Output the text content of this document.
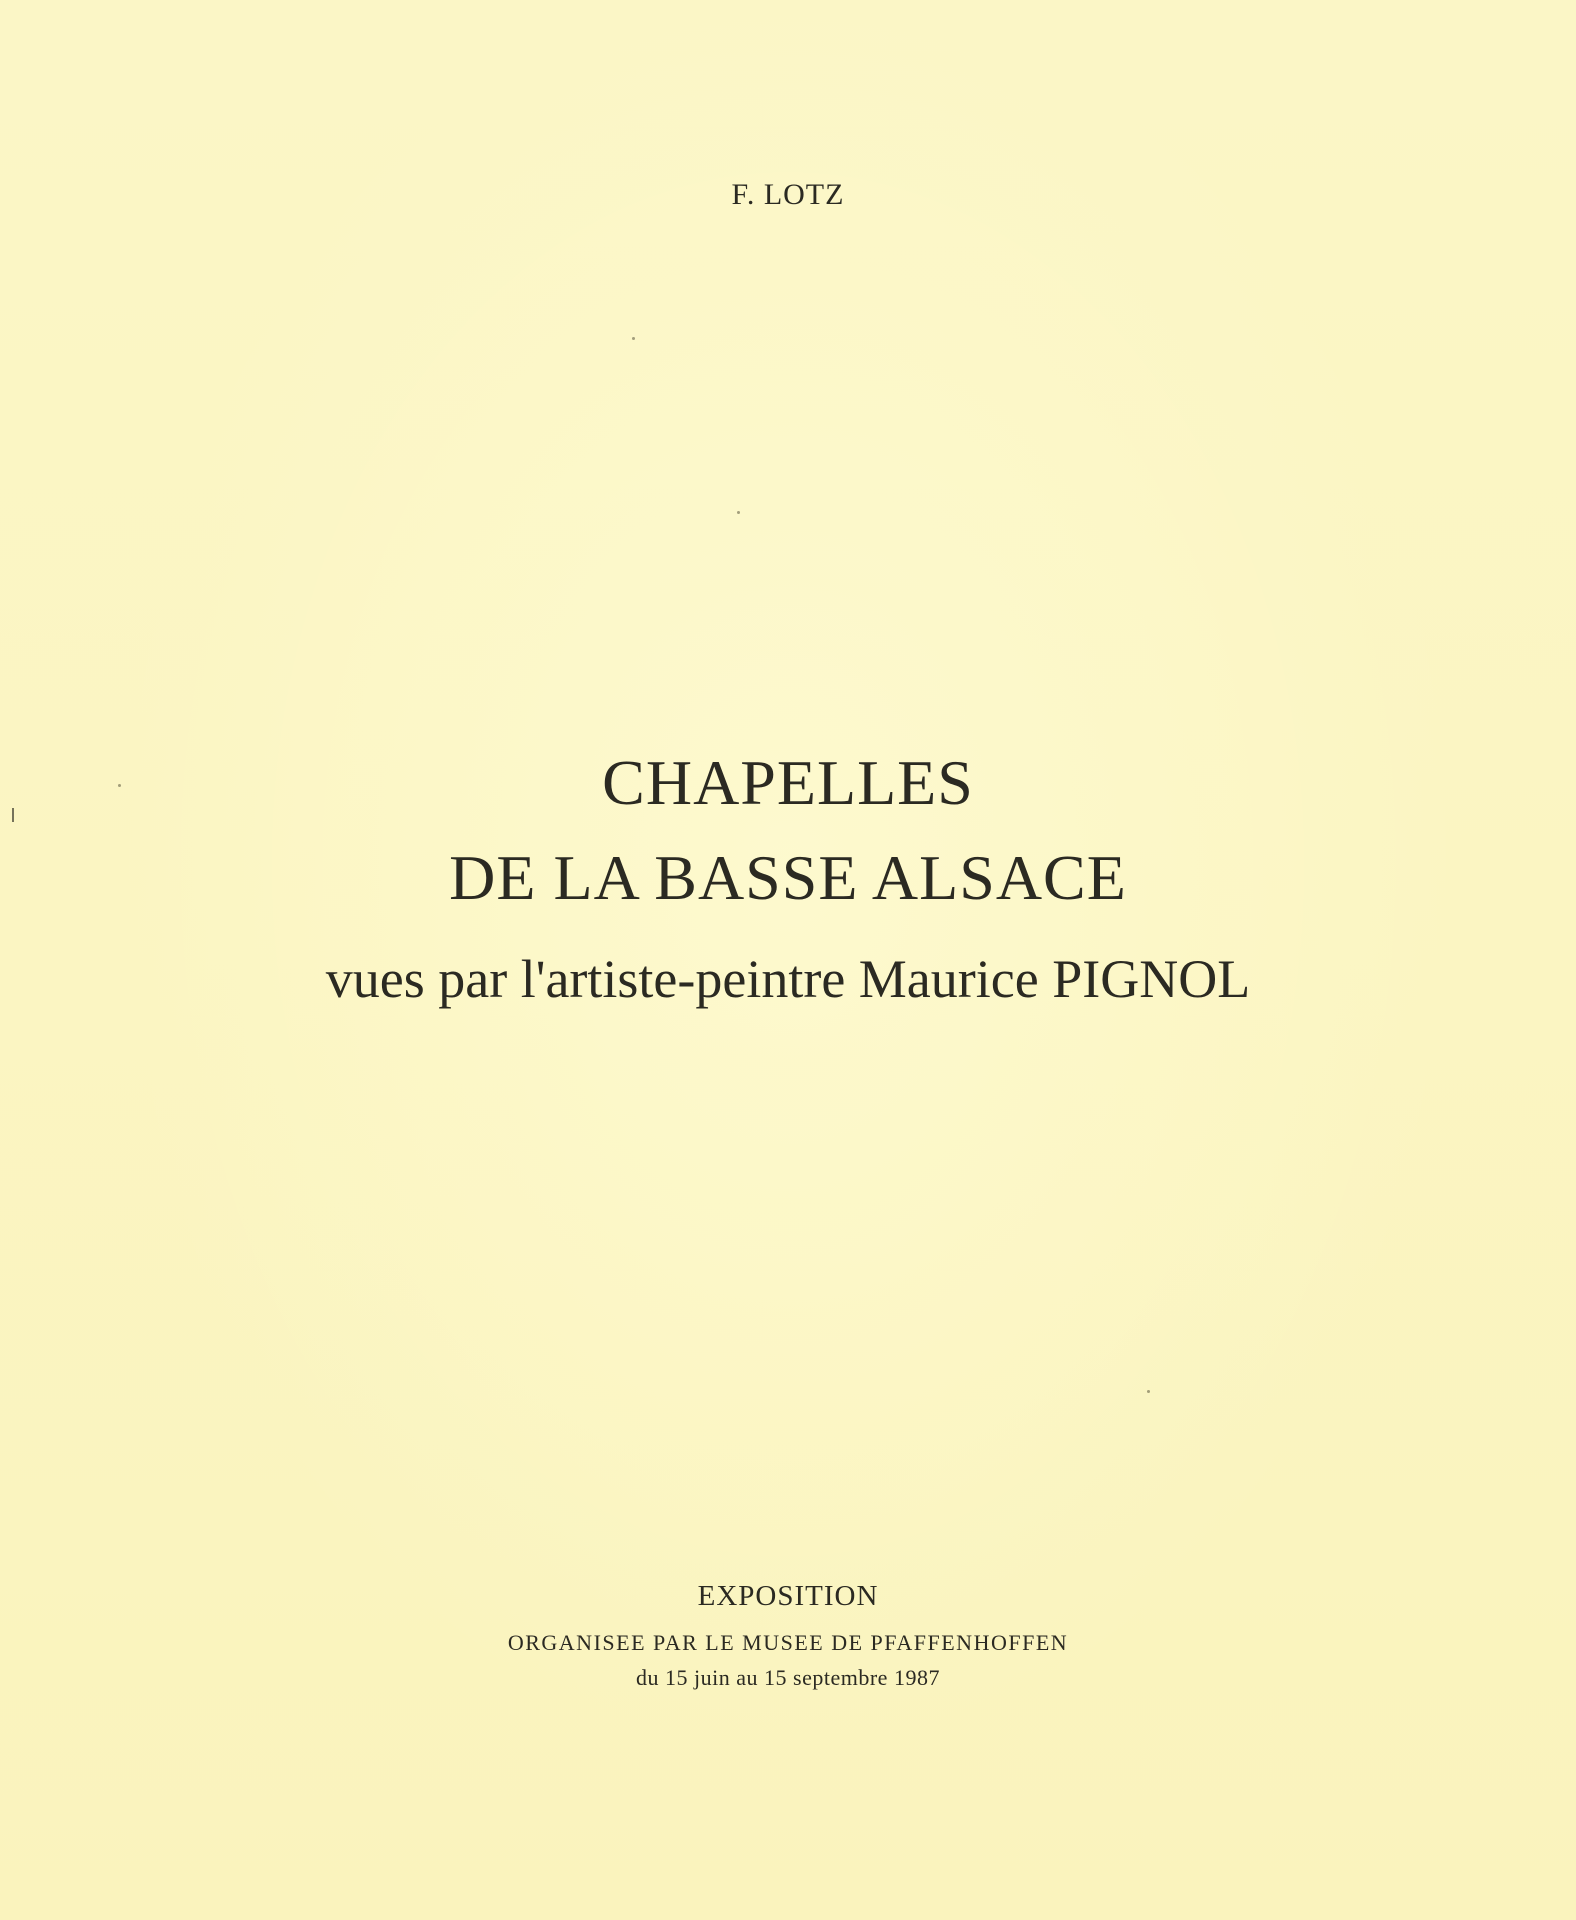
F. LOTZ
CHAPELLES
DE LA BASSE ALSACE
vues par l'artiste-peintre Maurice PIGNOL
EXPOSITION
ORGANISEE PAR LE MUSEE DE PFAFFENHOFFEN
du 15 juin au 15 septembre 1987
